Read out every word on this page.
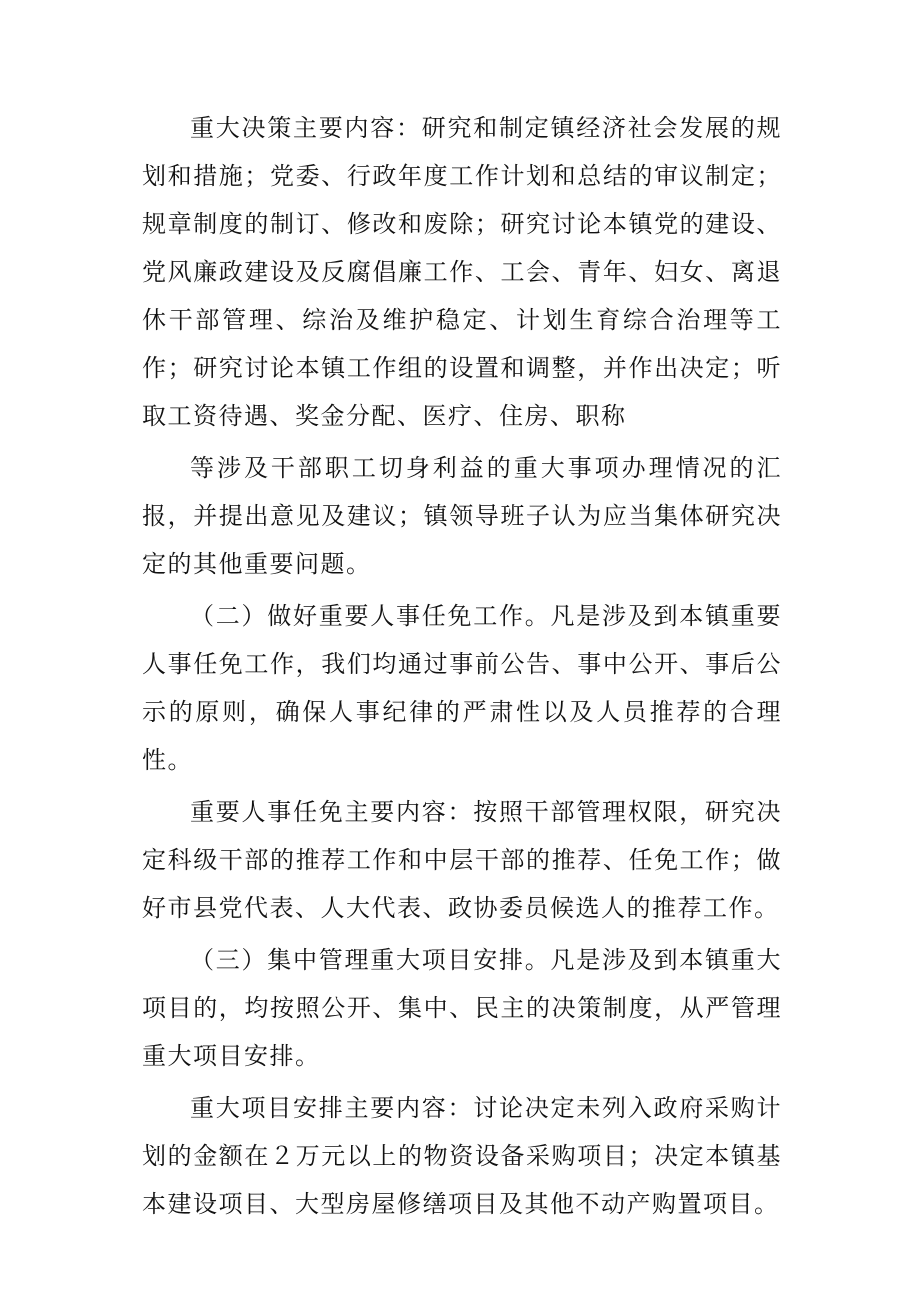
重大决策主要内容：研究和制定镇经济社会发展的规划和措施；党委、行政年度工作计划和总结的审议制定；规章制度的制订、修改和废除；研究讨论本镇党的建设、党风廉政建设及反腐倡廉工作、工会、青年、妇女、离退休干部管理、综治及维护稳定、计划生育综合治理等工作；研究讨论本镇工作组的设置和调整，并作出决定；听取工资待遇、奖金分配、医疗、住房、职称

等涉及干部职工切身利益的重大事项办理情况的汇报，并提出意见及建议；镇领导班子认为应当集体研究决定的其他重要问题。

（二）做好重要人事任免工作。凡是涉及到本镇重要人事任免工作，我们均通过事前公告、事中公开、事后公示的原则，确保人事纪律的严肃性以及人员推荐的合理性。

重要人事任免主要内容：按照干部管理权限，研究决定科级干部的推荐工作和中层干部的推荐、任免工作；做好市县党代表、人大代表、政协委员候选人的推荐工作。

（三）集中管理重大项目安排。凡是涉及到本镇重大项目的，均按照公开、集中、民主的决策制度，从严管理重大项目安排。

重大项目安排主要内容：讨论决定未列入政府采购计划的金额在２万元以上的物资设备采购项目；决定本镇基本建设项目、大型房屋修缮项目及其他不动产购置项目。
